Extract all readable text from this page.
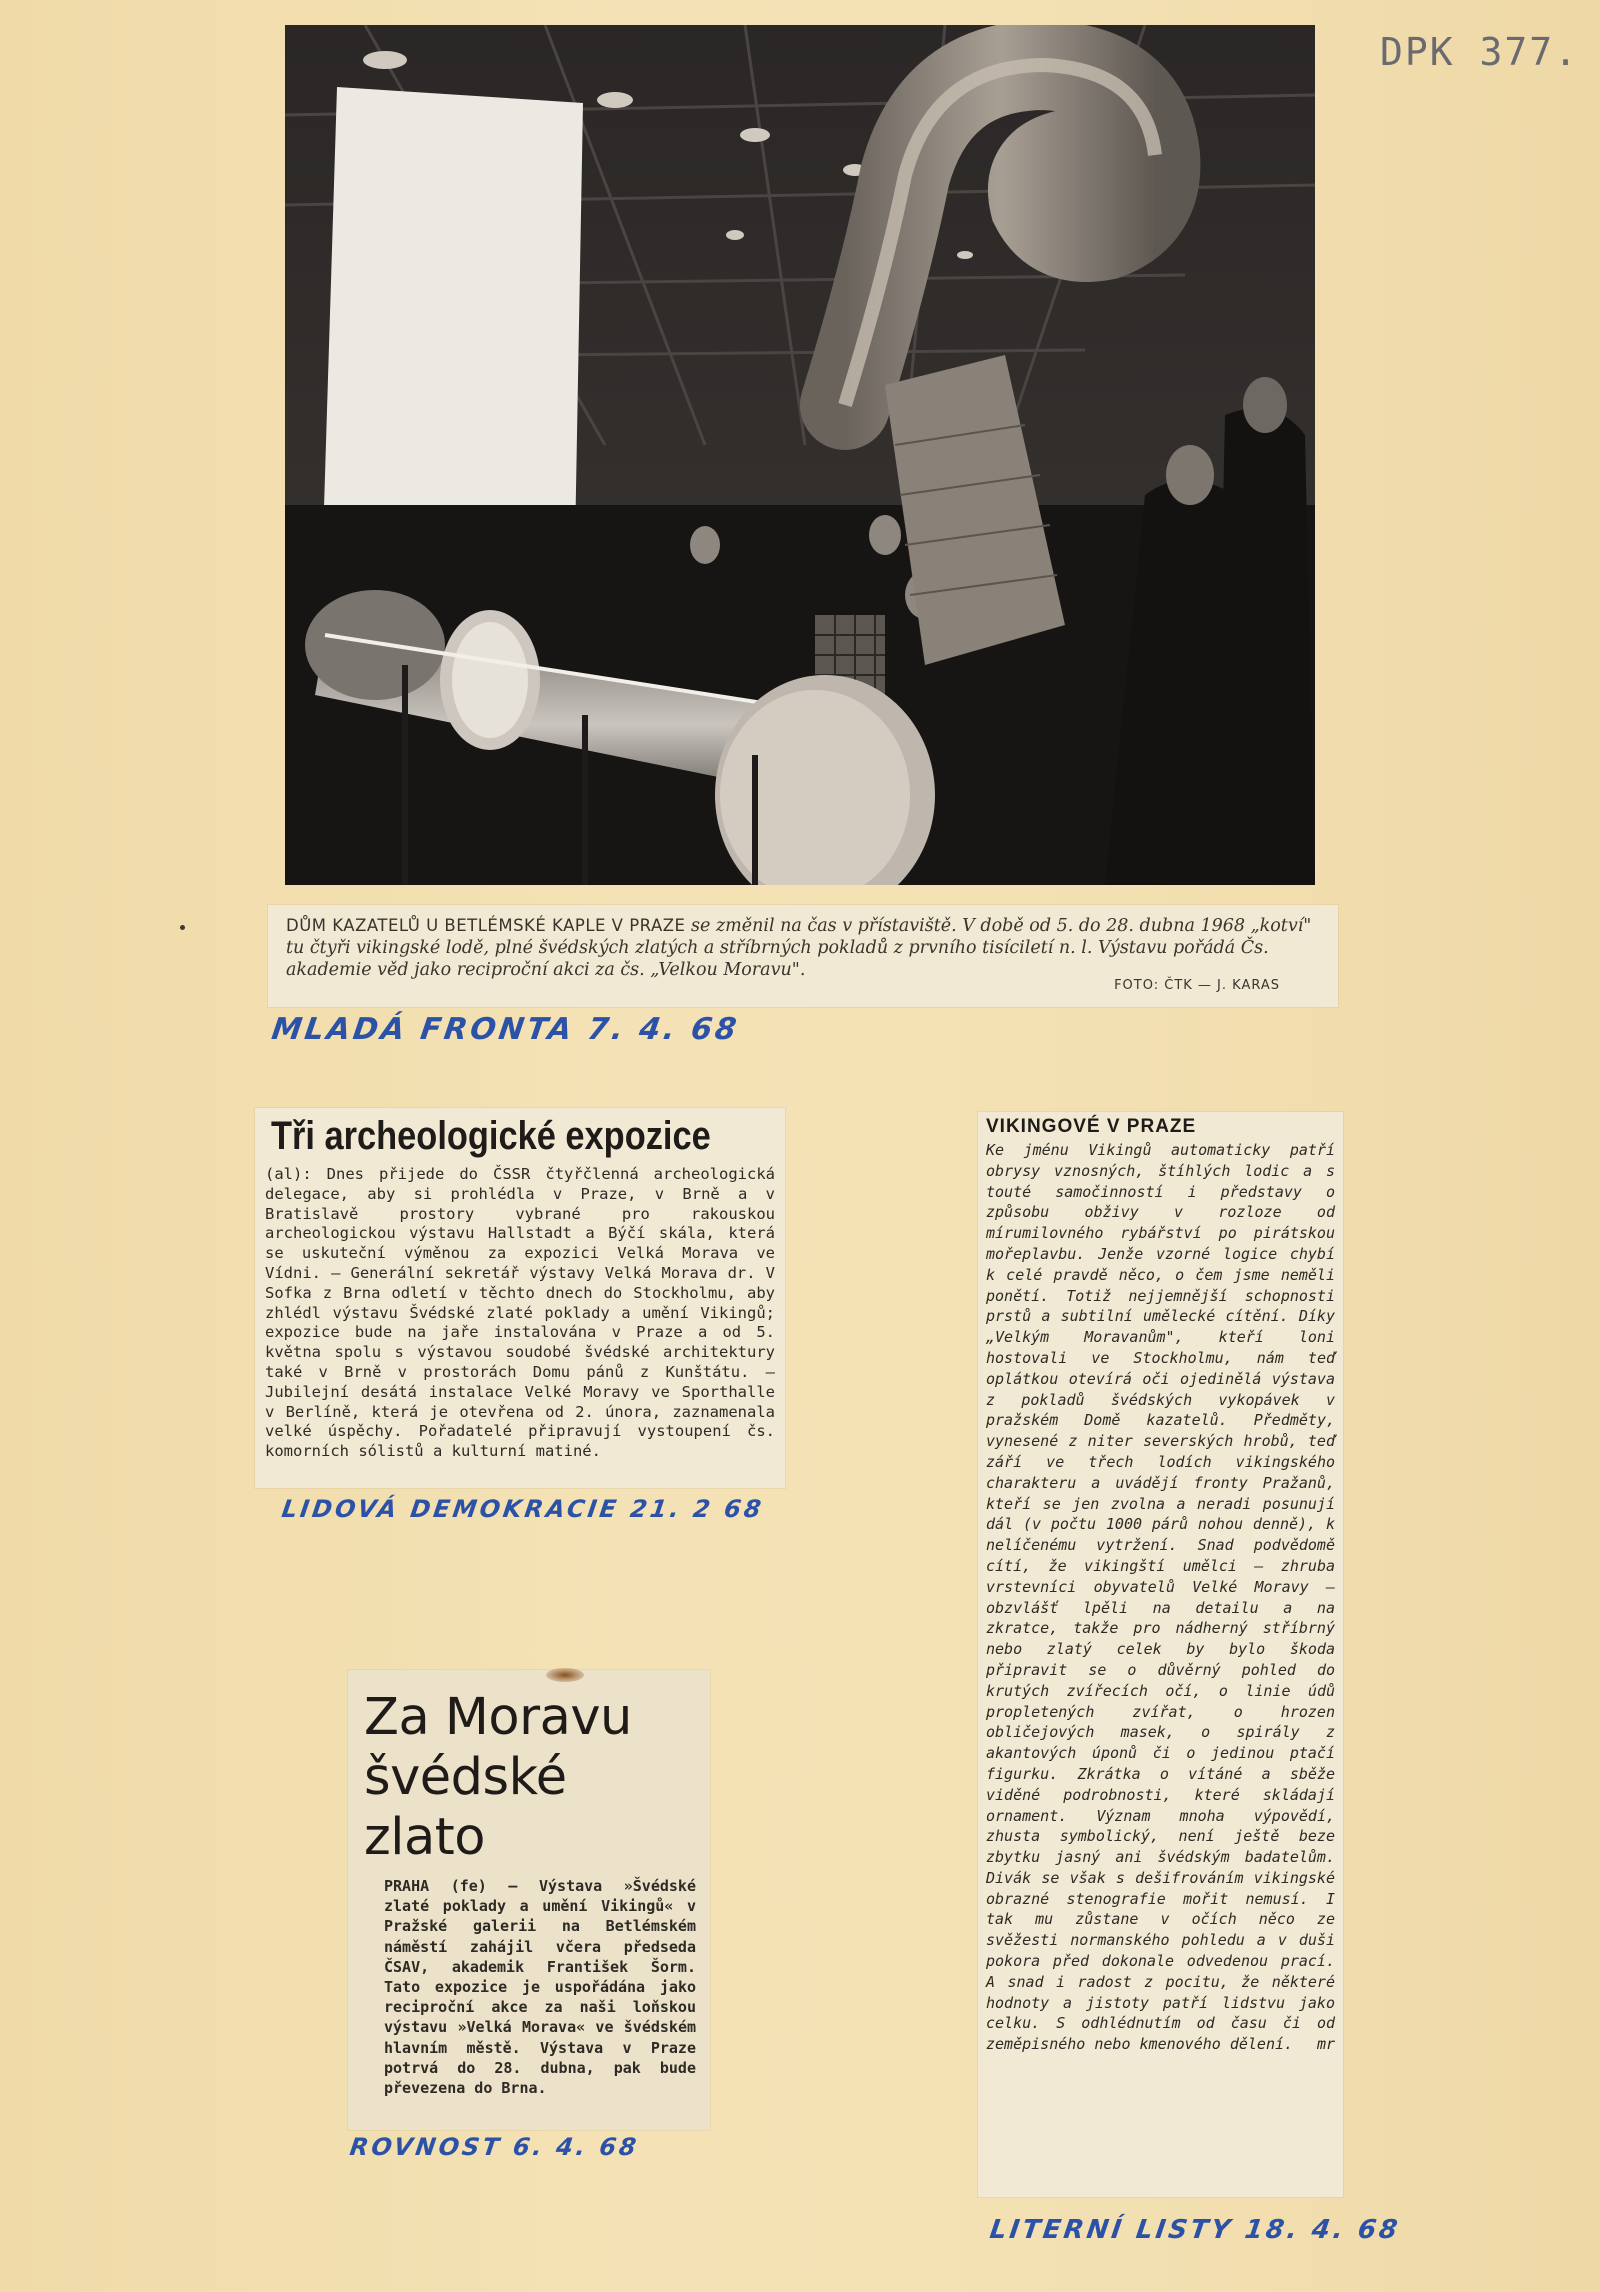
DPK 377.
DŮM KAZATELŮ U BETLÉMSKÉ KAPLE V PRAZE se změnil na čas v přístaviště. V době od 5. do 28. dubna 1968 „kotví" tu čtyři vikingské lodě, plné švédských zlatých a stříbrných pokladů z prvního tisíciletí n. l. Výstavu pořádá Čs. akademie věd jako reciproční akci za čs. „Velkou Moravu".
FOTO: ČTK — J. KARAS
MLADÁ FRONTA 7. 4. 68
Tři archeologické expozice

(al): Dnes přijede do ČSSR čtyřčlenná archeologická delegace, aby si prohlédla v Praze, v Brně a v Bratislavě prostory vybrané pro rakouskou archeologickou výstavu Hallstadt a Býčí skála, která se uskuteční výměnou za expozici Velká Morava ve Vídni. — Generální sekretář výstavy Velká Morava dr. V Sofka z Brna odletí v těchto dnech do Stockholmu, aby zhlédl výstavu Švédské zlaté poklady a umění Vikingů; expozice bude na jaře instalována v Praze a od 5. května spolu s výstavou soudobé švédské architektury také v Brně v prostorách Domu pánů z Kunštátu. — Jubilejní desátá instalace Velké Moravy ve Sporthalle v Berlíně, která je otevřena od 2. února, zaznamenala velké úspěchy. Pořadatelé připravují vystoupení čs. komorních sólistů a kulturní matiné.

LIDOVÁ DEMOKRACIE 21. 2 68
VIKINGOVÉ V PRAZE

Ke jménu Vikingů automaticky patří obrysy vznosných, štíhlých lodic a s touté samočinností i představy o způsobu obživy v rozloze od mírumilovného rybářství po pirátskou mořeplavbu. Jenže vzorné logice chybí k celé pravdě něco, o čem jsme neměli ponětí. Totiž nejjemnější schopnosti prstů a subtilní umělecké cítění. Díky „Velkým Moravanům", kteří loni hostovali ve Stockholmu, nám teď oplátkou otevírá oči ojedinělá výstava z pokladů švédských vykopávek v pražském Domě kazatelů. Předměty, vynesené z niter severských hrobů, teď září ve třech lodích vikingského charakteru a uvádějí fronty Pražanů, kteří se jen zvolna a neradi posunují dál (v počtu 1000 párů nohou denně), k nelíčenému vytržení. Snad podvědomě cítí, že vikingští umělci — zhruba vrstevníci obyvatelů Velké Moravy — obzvlášť lpěli na detailu a na zkratce, takže pro nádherný stříbrný nebo zlatý celek by bylo škoda připravit se o důvěrný pohled do krutých zvířecích očí, o linie údů propletených zvířat, o hrozen obličejových masek, o spirály z akantových úponů či o jedinou ptačí figurku. Zkrátka o vítáné a sběže viděné podrobnosti, které skládají ornament. Význam mnoha výpovědí, zhusta symbolický, není ještě beze zbytku jasný ani švédským badatelům. Divák se však s dešifrováním vikingské obrazné stenografie mořit nemusí. I tak mu zůstane v očích něco ze svěžesti normanského pohledu a v duši pokora před dokonale odvedenou prací. A snad i radost z pocitu, že některé hodnoty a jistoty patří lidstvu jako celku. S odhlédnutím od času či od zeměpisného nebo kmenového dělení.	mr
Za Moravu
švédské zlato

PRAHA (fe) — Výstava »Švédské zlaté poklady a umění Vikingů« v Pražské galerii na Betlémském náměstí zahájil včera předseda ČSAV, akademik František Šorm. Tato expozice je uspořádána jako reciproční akce za naši loňskou výstavu »Velká Morava« ve švédském hlavním městě. Výstava v Praze potrvá do 28. dubna, pak bude převezena do Brna.

ROVNOST 6. 4. 68
LITERNÍ LISTY 18. 4. 68
